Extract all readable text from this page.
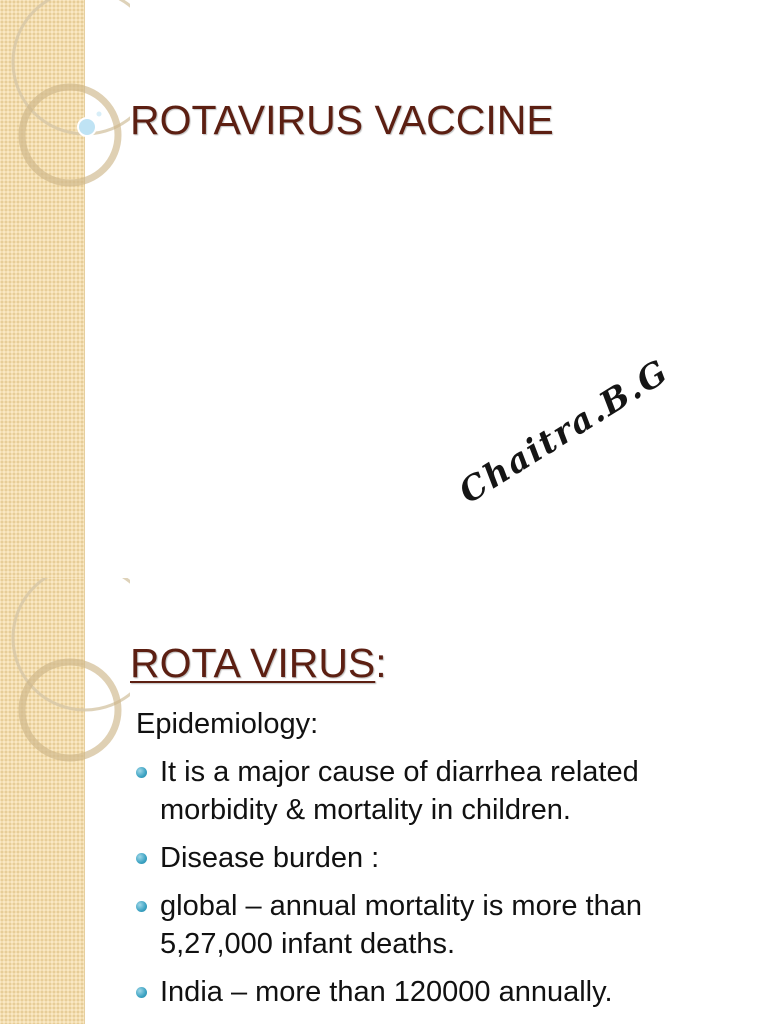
ROTAVIRUS VACCINE
Chaitra.B.G
ROTA VIRUS:

Epidemiology:

It is a major cause of diarrhea related morbidity & mortality in children.
Disease burden :
global – annual mortality is more than 5,27,000 infant deaths.
India – more than 120000 annually.
